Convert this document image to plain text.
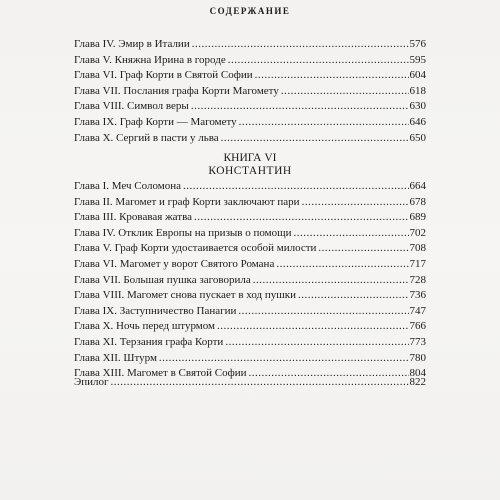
СОДЕРЖАНИЕ
Глава IV. Эмир в Италии .....	576
Глава V. Княжна Ирина в городе .....	595
Глава VI. Граф Корти в Святой Софии .....	604
Глава VII. Послания графа Корти Магомету .....	618
Глава VIII. Символ веры .....	630
Глава IX. Граф Корти — Магомету .....	646
Глава X. Сергий в пасти у льва .....	650
КНИГА VI
КОНСТАНТИН
Глава I. Меч Соломона .....	664
Глава II. Магомет и граф Корти заключают пари .....	678
Глава III. Кровавая жатва .....	689
Глава IV. Отклик Европы на призыв о помощи .....	702
Глава V. Граф Корти удостаивается особой милости .....	708
Глава VI. Магомет у ворот Святого Романа .....	717
Глава VII. Большая пушка заговорила .....	728
Глава VIII. Магомет снова пускает в ход пушки .....	736
Глава IX. Заступничество Панагии .....	747
Глава X. Ночь перед штурмом .....	766
Глава XI. Терзания графа Корти .....	773
Глава XII. Штурм .....	780
Глава XIII. Магомет в Святой Софии .....	804
Эпилог .....	822
